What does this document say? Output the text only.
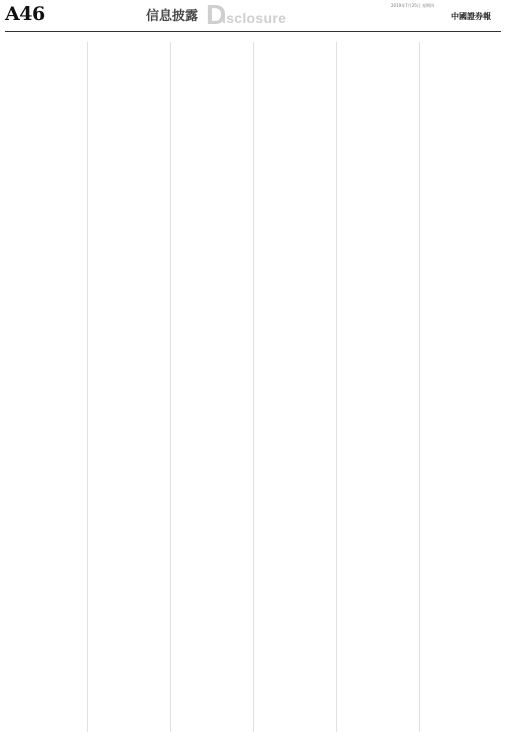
A46	信息披露 D
isclosure
2019年7月25日 星期四
中國證券報
